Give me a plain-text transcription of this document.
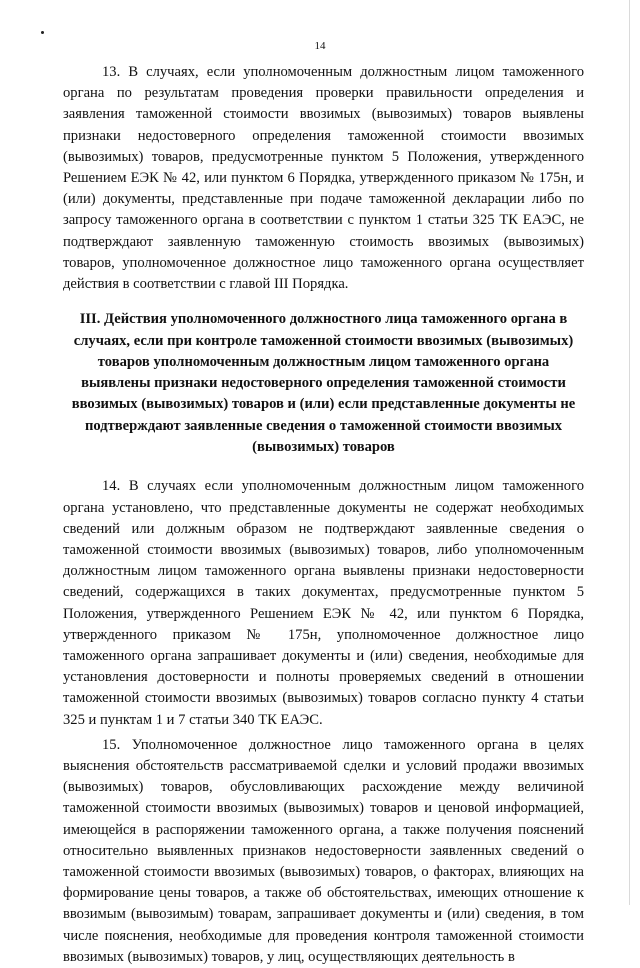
14

13. В случаях, если уполномоченным должностным лицом таможенного органа по результатам проведения проверки правильности определения и заявления таможенной стоимости ввозимых (вывозимых) товаров выявлены признаки недостоверного определения таможенной стоимости ввозимых (вывозимых) товаров, предусмотренные пунктом 5 Положения, утвержденного Решением ЕЭК № 42, или пунктом 6 Порядка, утвержденного приказом № 175н, и (или) документы, представленные при подаче таможенной декларации либо по запросу таможенного органа в соответствии с пунктом 1 статьи 325 ТК ЕАЭС, не подтверждают заявленную таможенную стоимость ввозимых (вывозимых) товаров, уполномоченное должностное лицо таможенного органа осуществляет действия в соответствии с главой III Порядка.

III. Действия уполномоченного должностного лица таможенного органа в случаях, если при контроле таможенной стоимости ввозимых (вывозимых) товаров уполномоченным должностным лицом таможенного органа выявлены признаки недостоверного определения таможенной стоимости ввозимых (вывозимых) товаров и (или) если представленные документы не подтверждают заявленные сведения о таможенной стоимости ввозимых (вывозимых) товаров

14. В случаях если уполномоченным должностным лицом таможенного органа установлено, что представленные документы не содержат необходимых сведений или должным образом не подтверждают заявленные сведения о таможенной стоимости ввозимых (вывозимых) товаров, либо уполномоченным должностным лицом таможенного органа выявлены признаки недостоверности сведений, содержащихся в таких документах, предусмотренные пунктом 5 Положения, утвержденного Решением ЕЭК № 42, или пунктом 6 Порядка, утвержденного приказом № 175н, уполномоченное должностное лицо таможенного органа запрашивает документы и (или) сведения, необходимые для установления достоверности и полноты проверяемых сведений в отношении таможенной стоимости ввозимых (вывозимых) товаров согласно пункту 4 статьи 325 и пунктам 1 и 7 статьи 340 ТК ЕАЭС.

15. Уполномоченное должностное лицо таможенного органа в целях выяснения обстоятельств рассматриваемой сделки и условий продажи ввозимых (вывозимых) товаров, обусловливающих расхождение между величиной таможенной стоимости ввозимых (вывозимых) товаров и ценовой информацией, имеющейся в распоряжении таможенного органа, а также получения пояснений относительно выявленных признаков недостоверности заявленных сведений о таможенной стоимости ввозимых (вывозимых) товаров, о факторах, влияющих на формирование цены товаров, а также об обстоятельствах, имеющих отношение к ввозимым (вывозимым) товарам, запрашивает документы и (или) сведения, в том числе пояснения, необходимые для проведения контроля таможенной стоимости ввозимых (вывозимых) товаров, у лиц, осуществляющих деятельность в
